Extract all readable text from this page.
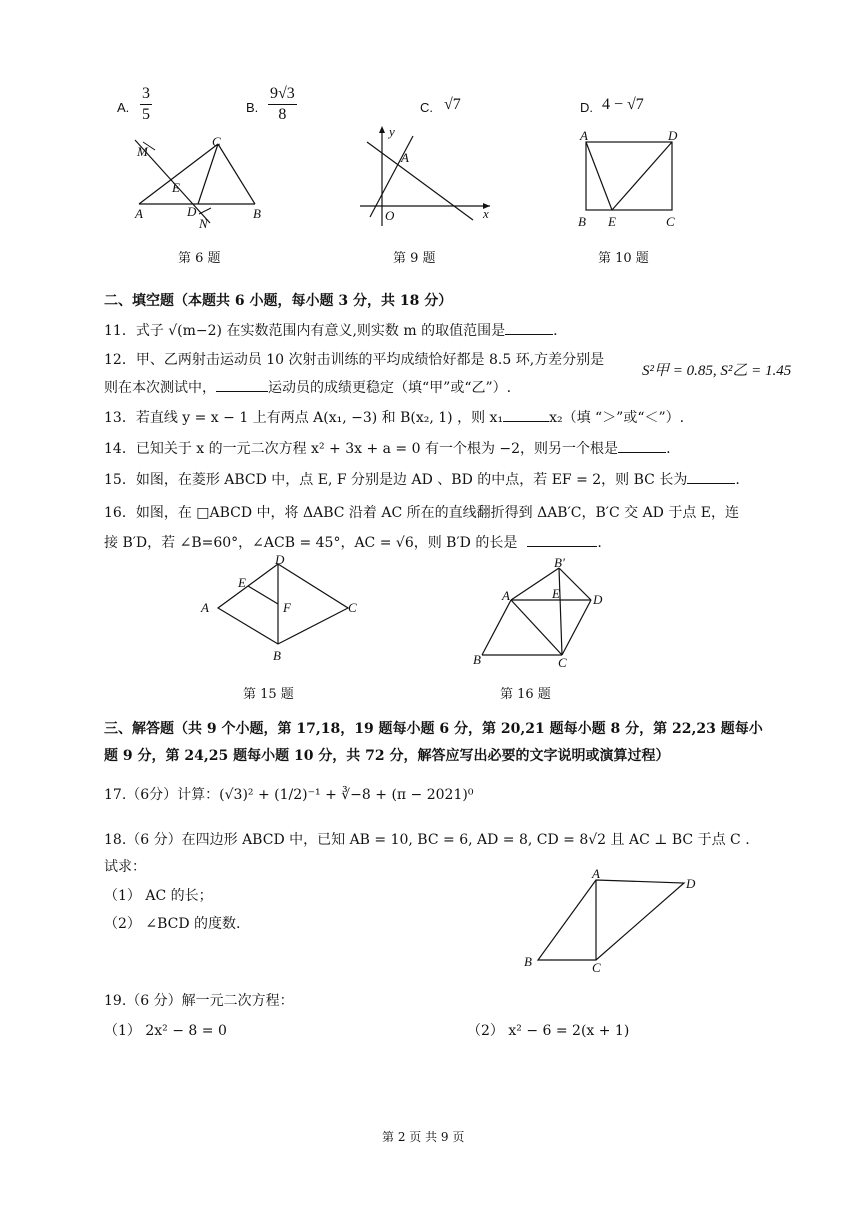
A. $\frac{3}{5}$	B. $\frac{9√3}{8}$	C. √7	D. 4 − √7
M
C
E
A	D
N
B
y
A
O	x
A	D
B E	C
第 6 题	第 9 题	第 10 题
二、填空题（本题共 6 小题，每小题 3 分，共 18 分）
11．式子 √(m−2) 在实数范围内有意义,则实数 m 的取值范围是	.
12．甲、乙两射击运动员 10 次射击训练的平均成绩恰好都是 8.5 环,方差分别是
S²甲 = 0.85, S²乙 = 1.45
则在本次测试中，	运动员的成绩更稳定（填“甲”或“乙”）.
13．若直线 y = x − 1 上有两点 A(x₁, −3) 和 B(x₂, 1) ，则 x₁	x₂（填 “＞”或“＜”）.
14．已知关于 x 的一元二次方程 x² + 3x + a = 0 有一个根为 −2，则另一个根是	.
15．如图，在菱形 ABCD 中，点 E, F 分别是边 AD 、BD 的中点，若 EF = 2，则 BC 长为	.
16．如图，在 □ABCD 中，将 ΔABC 沿着 AC 所在的直线翻折得到 ΔAB′C，B′C 交 AD 于点 E，连
接 B′D，若 ∠B=60°，∠ACB = 45°，AC = √6，则 B′D 的长是	.
D
E
A	F	C
B
B'
A	E	D
B	C
第 15 题	第 16 题
三、解答题（共 9 个小题，第 17,18，19 题每小题 6 分，第 20,21 题每小题 8 分，第 22,23 题每小
题 9 分，第 24,25 题每小题 10 分，共 72 分，解答应写出必要的文字说明或演算过程）
17.（6分）计算：(√3)² + (1/2)⁻¹ + ∛−8 + (π − 2021)⁰
18.（6 分）在四边形 ABCD 中，已知 AB = 10, BC = 6, AD = 8, CD = 8√2 且 AC ⊥ BC 于点 C .
试求：
（1） AC 的长；
（2） ∠BCD 的度数.
A
D
B	C
19.（6 分）解一元二次方程：
（1） 2x² − 8 = 0	（2） x² − 6 = 2(x + 1)
第 2 页 共 9 页
